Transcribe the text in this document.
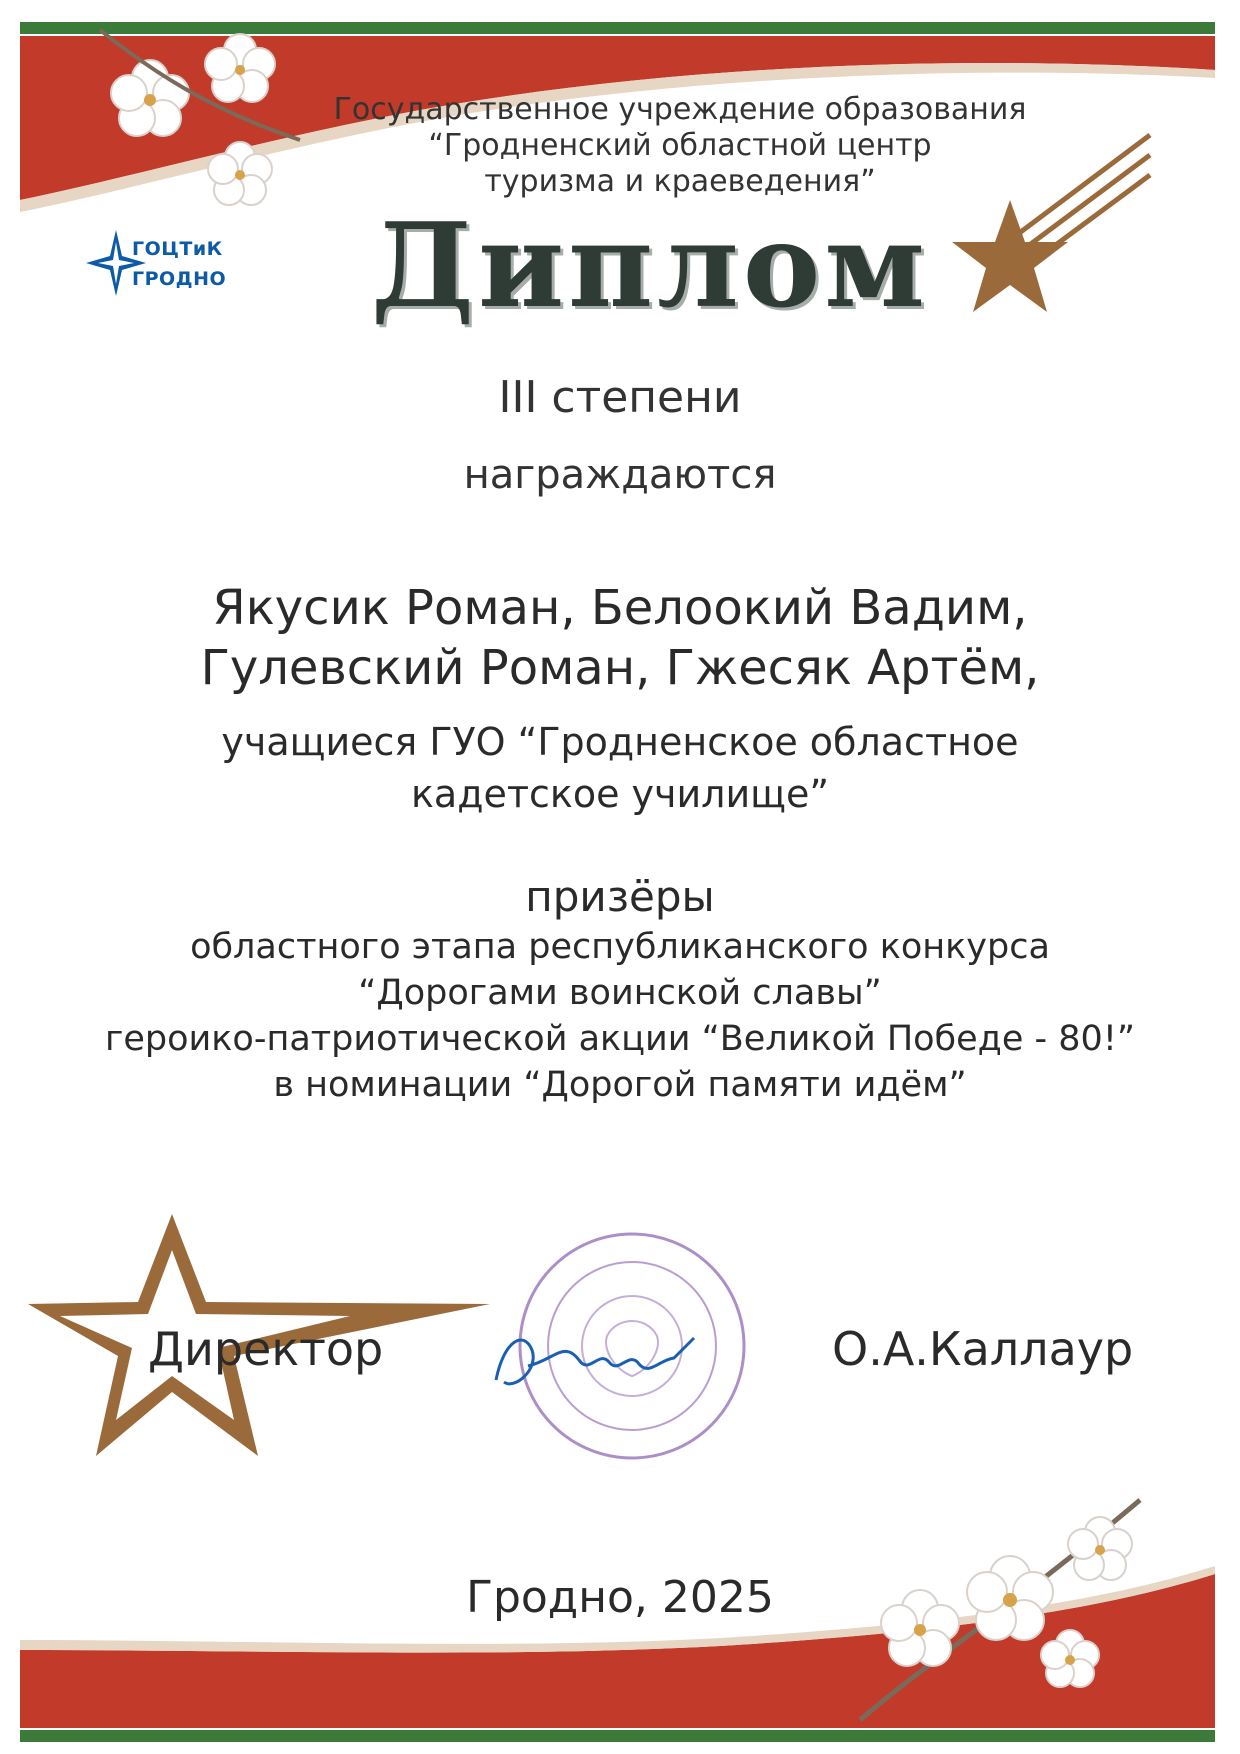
ГОЦТиК
ГРОДНО
Государственное учреждение образования
“Гродненский областной центр
туризма и краеведения”
Диплом
III степени
награждаются
Якусик Роман, Белоокий Вадим,
Гулевский Роман, Гжесяк Артём,
учащиеся ГУО “Гродненское областное
кадетское училище”
призёры
областного этапа республиканского конкурса
“Дорогами воинской славы”
героико-патриотической акции “Великой Победе - 80!”
в номинации “Дорогой памяти идём”
Директор	О.А.Каллаур
Гродно, 2025
